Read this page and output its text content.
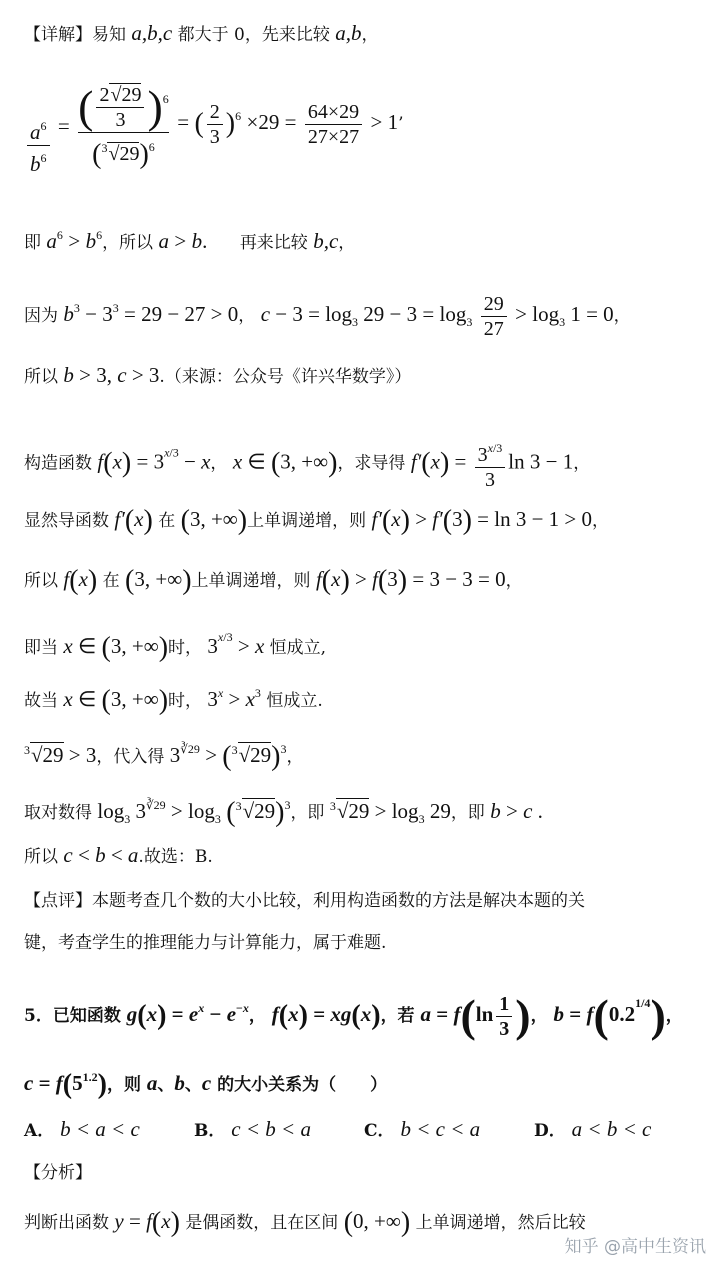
【详解】易知 a,b,c 都大于 0，先来比较 a,b，
$\frac{a^6}{b^6} = \frac{( \frac{2√29}{3} )^6}{(^3√29)^6}$ = ( $\frac{2}{3} )^6 \times 29 = \frac{64\times 29}{27\times 27} > 1$’
即 $a^6 > b^6$，所以 a > b. 再来比较 b,c，
因为 $b^3 - 3^3 = 29 - 27 > 0$， $c - 3 = \log_3 29 - 3 = \log_3 \frac{29}{27} > \log_3 1 = 0$，
所以 b > 3, c > 3.（来源：公众号《许兴华数学》）
构造函数 $f(x) = 3^{x/3} - x$， x ∈ (3, +∞)，求导得 $f'(x) = \frac{3^{x/3}}{3}$ ln 3 − 1，
显然导函数 f′(x) 在 (3, +∞)上单调递增，则 f′(x) > f′(3) = ln 3 − 1 > 0，
所以 f(x) 在 (3, +∞)上单调递增，则 f(x) > f(3) = 3 − 3 = 0，
即当 x ∈ (3, +∞)时， $3^{x/3} > x$ 恒成立,
故当 x ∈ (3, +∞)时， $3^x > x^3$ 恒成立.
$^3$√29 > 3，代入得 $3^{∛29} > (^3√29)^3$，
取对数得 $\log_3 3^{∛29} > \log_3 (^3√29)^3$，即 $^3√29 > \log_3 29$，即 b > c .
所以 c < b < a.故选：B.
【点评】本题考查几个数的大小比较，利用构造函数的方法是解决本题的关
键，考查学生的推理能力与计算能力，属于难题.
5．已知函数 $g(x) = e^x - e^{-x}$， f(x) = xg(x)，若 $a = f(\ln \frac{1}{3}$ )， $b = f(0.2^{1/4})$，
$c = f(5^{1.2})$，则 a、b、c 的大小关系为（　　）
A． b < a < c	B． c < b < a	C． b < c < a	D． a < b < c
【分析】
判断出函数 y = f(x) 是偶函数，且在区间 (0, +∞) 上单调递增，然后比较
知乎 @高中生资讯
